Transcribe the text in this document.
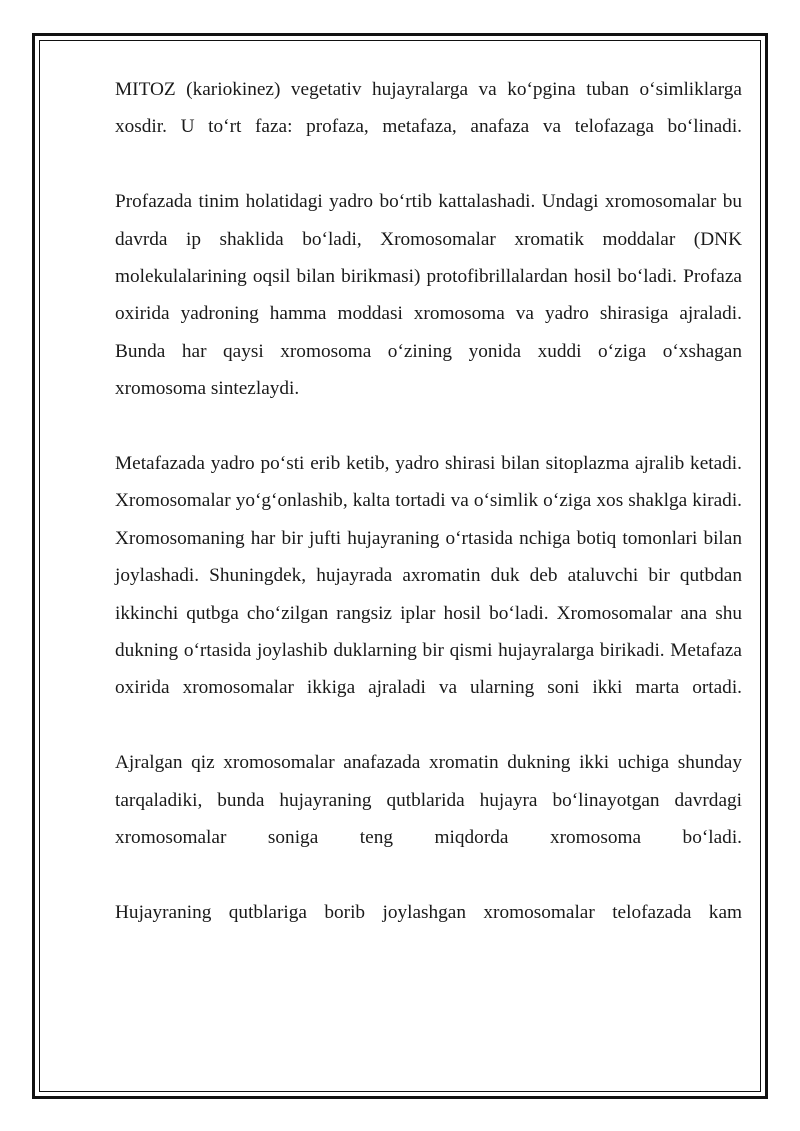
MITOZ (kariokinez) vegetativ hujayralarga va ko‘pgina tuban o‘simliklarga xosdir. U to‘rt faza: profaza, metafaza, anafaza va telofazaga bo‘linadi.

Profazada tinim holatidagi yadro bo‘rtib kattalashadi. Undagi xromosomalar bu davrda ip shaklida bo‘ladi, Xromosomalar xromatik moddalar (DNK molekulalarining oqsil bilan birikmasi) protofibrillalardan hosil bo‘ladi. Profaza oxirida yadroning hamma moddasi xromosoma va yadro shirasiga ajraladi. Bunda har qaysi xromosoma o‘zining yonida xuddi o‘ziga o‘xshagan xromosoma sintezlaydi.

Metafazada yadro po‘sti erib ketib, yadro shirasi bilan sitoplazma ajralib ketadi. Xromosomalar yo‘g‘onlashib, kalta tortadi va o‘simlik o‘ziga xos shaklga kiradi. Xromosomaning har bir jufti hujayraning o‘rtasida nchiga botiq tomonlari bilan joylashadi. Shuningdek, hujayrada axromatin duk deb ataluvchi bir qutbdan ikkinchi qutbga cho‘zilgan rangsiz iplar hosil bo‘ladi. Xromosomalar ana shu dukning o‘rtasida joylashib duklarning bir qismi hujayralarga birikadi. Metafaza oxirida xromosomalar ikkiga ajraladi va ularning soni ikki marta ortadi.

Ajralgan qiz xromosomalar anafazada xromatin dukning ikki uchiga shunday tarqaladiki, bunda hujayraning qutblarida hujayra bo‘linayotgan davrdagi xromosomalar soniga teng miqdorda xromosoma bo‘ladi.

Hujayraning qutblariga borib joylashgan xromosomalar telofazada kam
